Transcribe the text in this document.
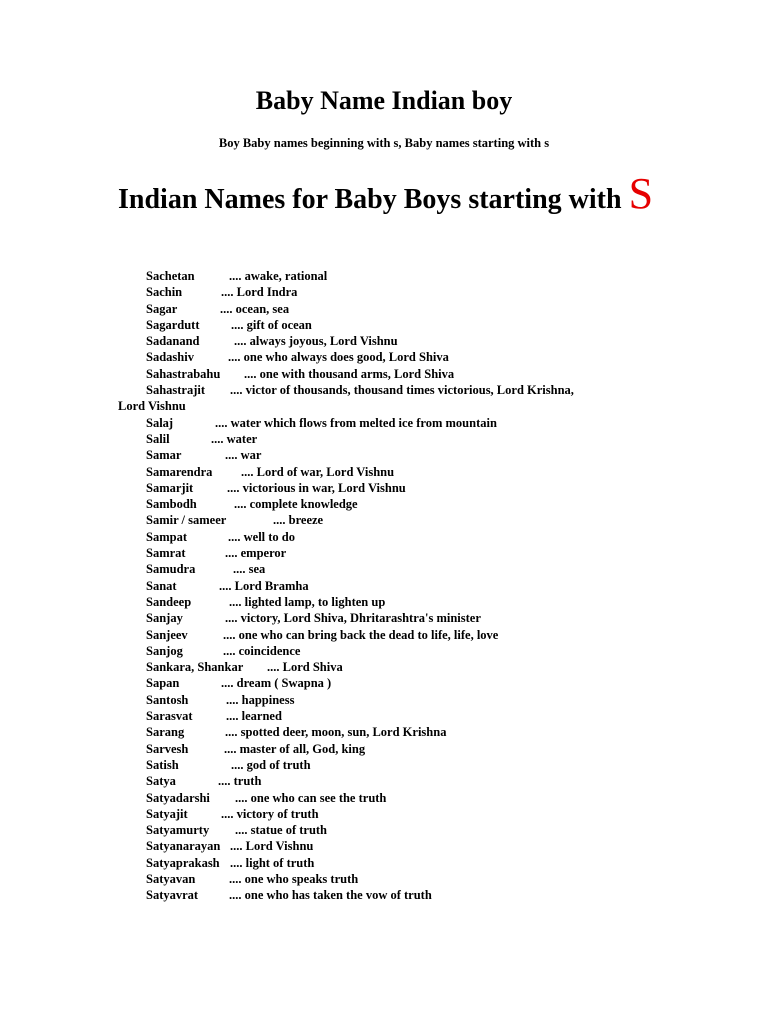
Baby Name Indian boy

Boy Baby names beginning with s, Baby names starting with s

Indian Names for Baby Boys starting with S
Sachetan	.... awake, rational
Sachin	.... Lord Indra
Sagar	.... ocean, sea
Sagardutt	.... gift of ocean
Sadanand	.... always joyous, Lord Vishnu
Sadashiv	.... one who always does good, Lord Shiva
Sahastrabahu .... one with thousand arms, Lord Shiva
Sahastrajit .... victor of thousands, thousand times victorious, Lord Krishna,
Lord Vishnu
Salaj	.... water which flows from melted ice from mountain
Salil	.... water
Samar	.... war
Samarendra .... Lord of war, Lord Vishnu
Samarjit	.... victorious in war, Lord Vishnu
Sambodh	.... complete knowledge
Samir / sameer	.... breeze
Sampat	.... well to do
Samrat	.... emperor
Samudra	.... sea
Sanat	.... Lord Bramha
Sandeep	.... lighted lamp, to lighten up
Sanjay	.... victory, Lord Shiva, Dhritarashtra's minister
Sanjeev	.... one who can bring back the dead to life, life, love
Sanjog	.... coincidence
Sankara, Shankar .... Lord Shiva
Sapan	.... dream ( Swapna )
Santosh	.... happiness
Sarasvat	.... learned
Sarang	.... spotted deer, moon, sun, Lord Krishna
Sarvesh	.... master of all, God, king
Satish	.... god of truth
Satya	.... truth
Satyadarshi .... one who can see the truth
Satyajit	.... victory of truth
Satyamurty .... statue of truth
Satyanarayan .... Lord Vishnu
Satyaprakash .... light of truth
Satyavan	.... one who speaks truth
Satyavrat .... one who has taken the vow of truth
